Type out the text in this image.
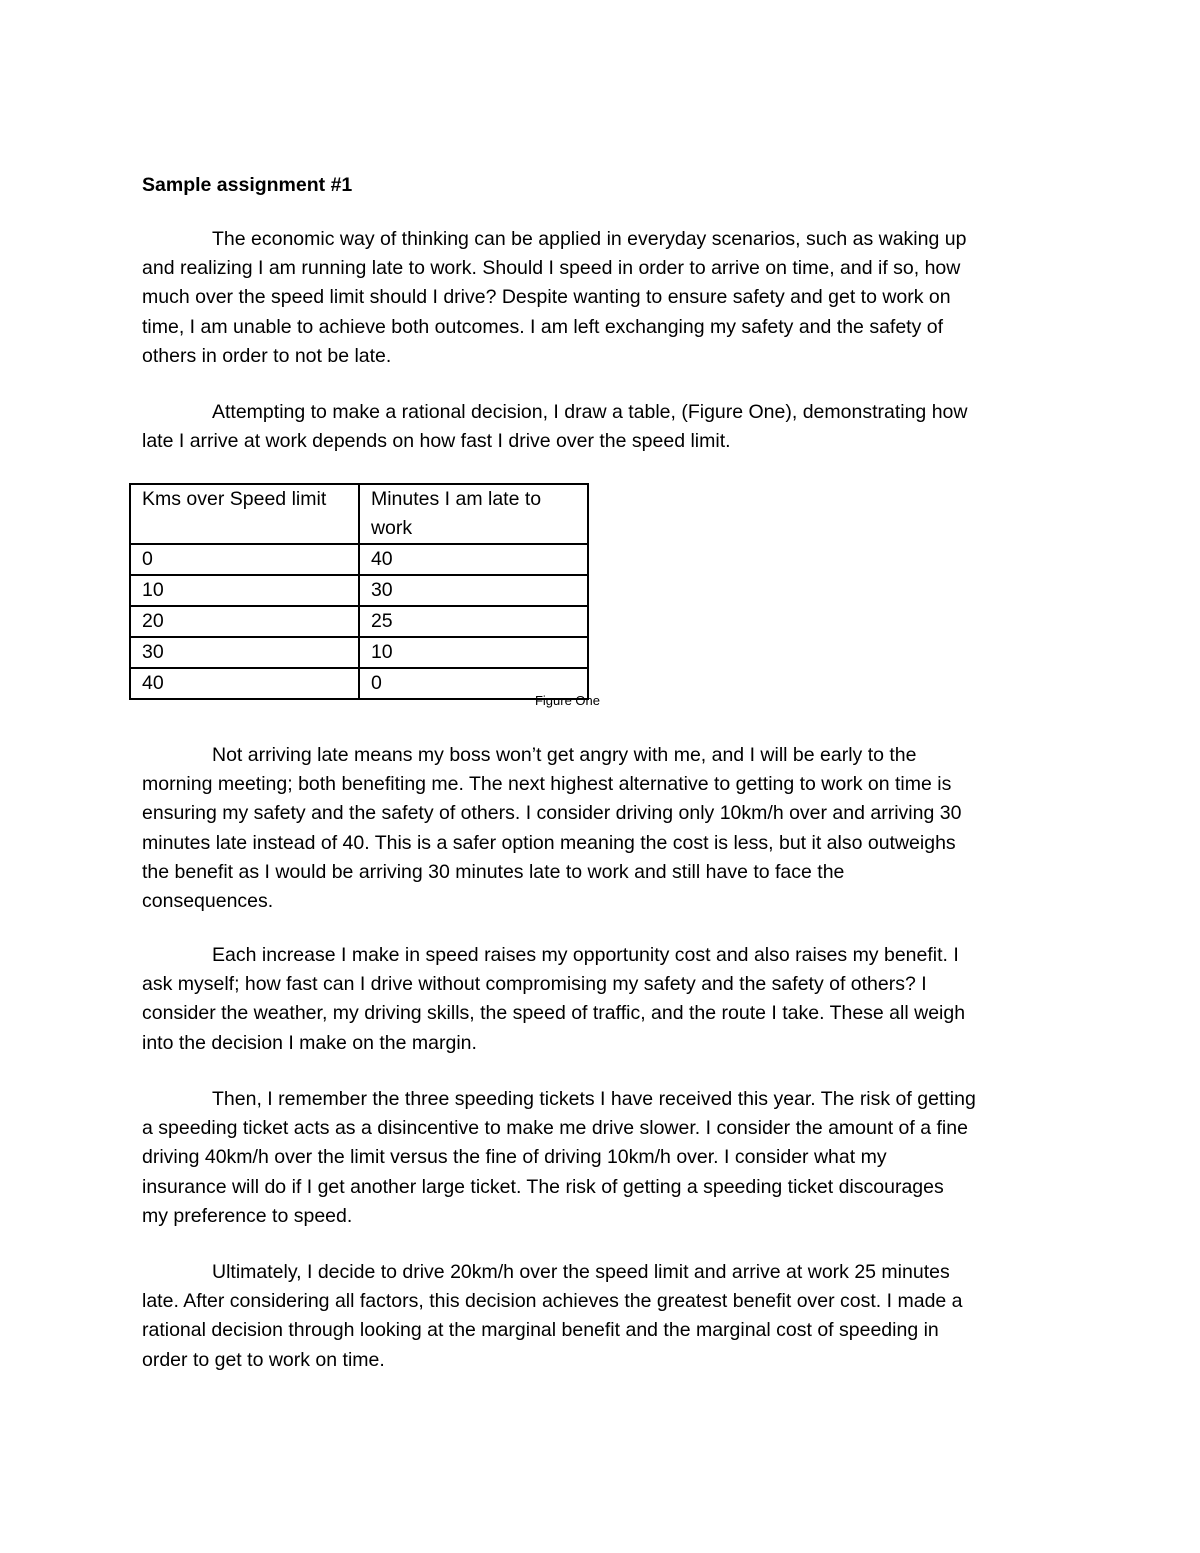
Sample assignment #1
The economic way of thinking can be applied in everyday scenarios, such as waking up
and realizing I am running late to work. Should I speed in order to arrive on time, and if so, how
much over the speed limit should I drive? Despite wanting to ensure safety and get to work on
time, I am unable to achieve both outcomes. I am left exchanging my safety and the safety of
others in order to not be late.
Attempting to make a rational decision, I draw a table, (Figure One), demonstrating how
late I arrive at work depends on how fast I drive over the speed limit.
Kms over Speed limit	Minutes I am late to work
0	40
10	30
20	25
30	10
40	0
Figure One
Not arriving late means my boss won’t get angry with me, and I will be early to the
morning meeting; both benefiting me. The next highest alternative to getting to work on time is
ensuring my safety and the safety of others. I consider driving only 10km/h over and arriving 30
minutes late instead of 40. This is a safer option meaning the cost is less, but it also outweighs
the benefit as I would be arriving 30 minutes late to work and still have to face the
consequences.
Each increase I make in speed raises my opportunity cost and also raises my benefit. I
ask myself; how fast can I drive without compromising my safety and the safety of others? I
consider the weather, my driving skills, the speed of traffic, and the route I take. These all weigh
into the decision I make on the margin.
Then, I remember the three speeding tickets I have received this year. The risk of getting
a speeding ticket acts as a disincentive to make me drive slower. I consider the amount of a fine
driving 40km/h over the limit versus the fine of driving 10km/h over. I consider what my
insurance will do if I get another large ticket. The risk of getting a speeding ticket discourages
my preference to speed.
Ultimately, I decide to drive 20km/h over the speed limit and arrive at work 25 minutes
late. After considering all factors, this decision achieves the greatest benefit over cost. I made a
rational decision through looking at the marginal benefit and the marginal cost of speeding in
order to get to work on time.
